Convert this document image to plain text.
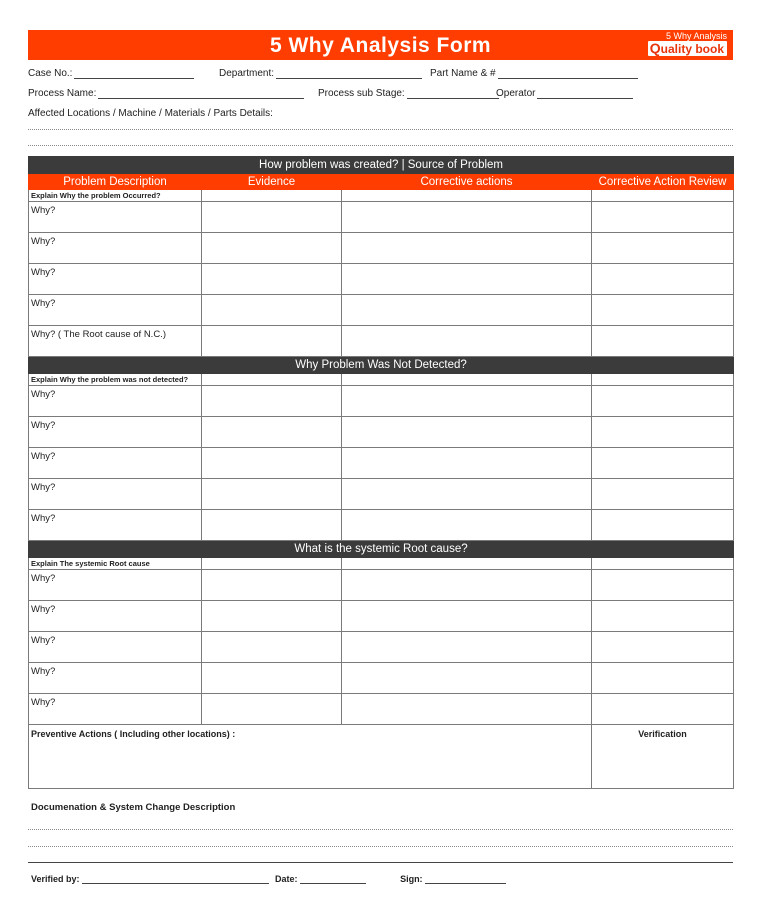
5 Why Analysis Form	5 Why Analysis
Quality book
Case No.:	Department:	Part Name & #
Process Name:	Process sub Stage:	Operator
Affected Locations / Machine / Materials / Parts Details:
How problem was created? | Source of Problem			
Problem Description	Evidence	Corrective actions	Corrective Action Review
Explain Why the problem Occurred?			
Why?			
Why?			
Why?			
Why?			
Why? ( The Root cause of N.C.)			
Why Problem Was Not Detected?			
Explain Why the problem was not detected?			
Why?			
Why?			
Why?			
Why?			
Why?			
What is the systemic Root cause?			
Explain The systemic Root cause			
Why?			
Why?			
Why?			
Why?			
Why?			
Preventive Actions ( Including other locations) :			Verification
Documenation & System Change Description
Verified by:	Date:	Sign:
